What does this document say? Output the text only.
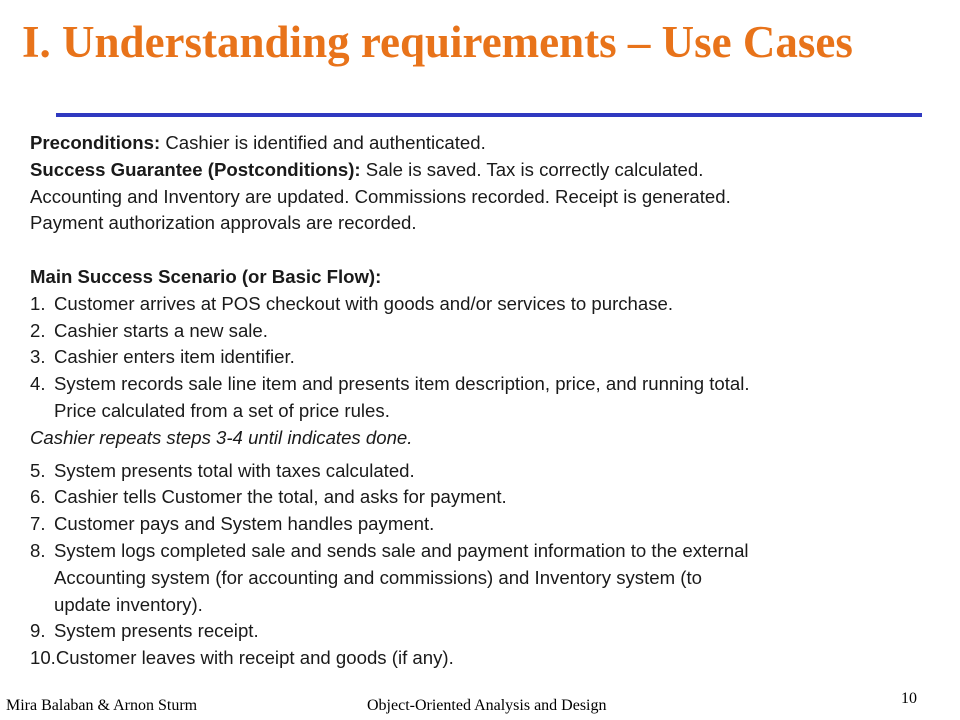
I. Understanding requirements – Use Cases
Preconditions: Cashier is identified and authenticated.
Success Guarantee (Postconditions): Sale is saved. Tax is correctly calculated.
Accounting and Inventory are updated. Commissions recorded. Receipt is generated.
Payment authorization approvals are recorded.
Main Success Scenario (or Basic Flow):
1. Customer arrives at POS checkout with goods and/or services to purchase.
2. Cashier starts a new sale.
3. Cashier enters item identifier.
4. System records sale line item and presents item description, price, and running total.
Price calculated from a set of price rules.
Cashier repeats steps 3-4 until indicates done.
5. System presents total with taxes calculated.
6. Cashier tells Customer the total, and asks for payment.
7. Customer pays and System handles payment.
8. System logs completed sale and sends sale and payment information to the external
Accounting system (for accounting and commissions) and Inventory system (to
update inventory).
9. System presents receipt.
10.Customer leaves with receipt and goods (if any).
Mira Balaban & Arnon Sturm	Object-Oriented Analysis and Design	10
